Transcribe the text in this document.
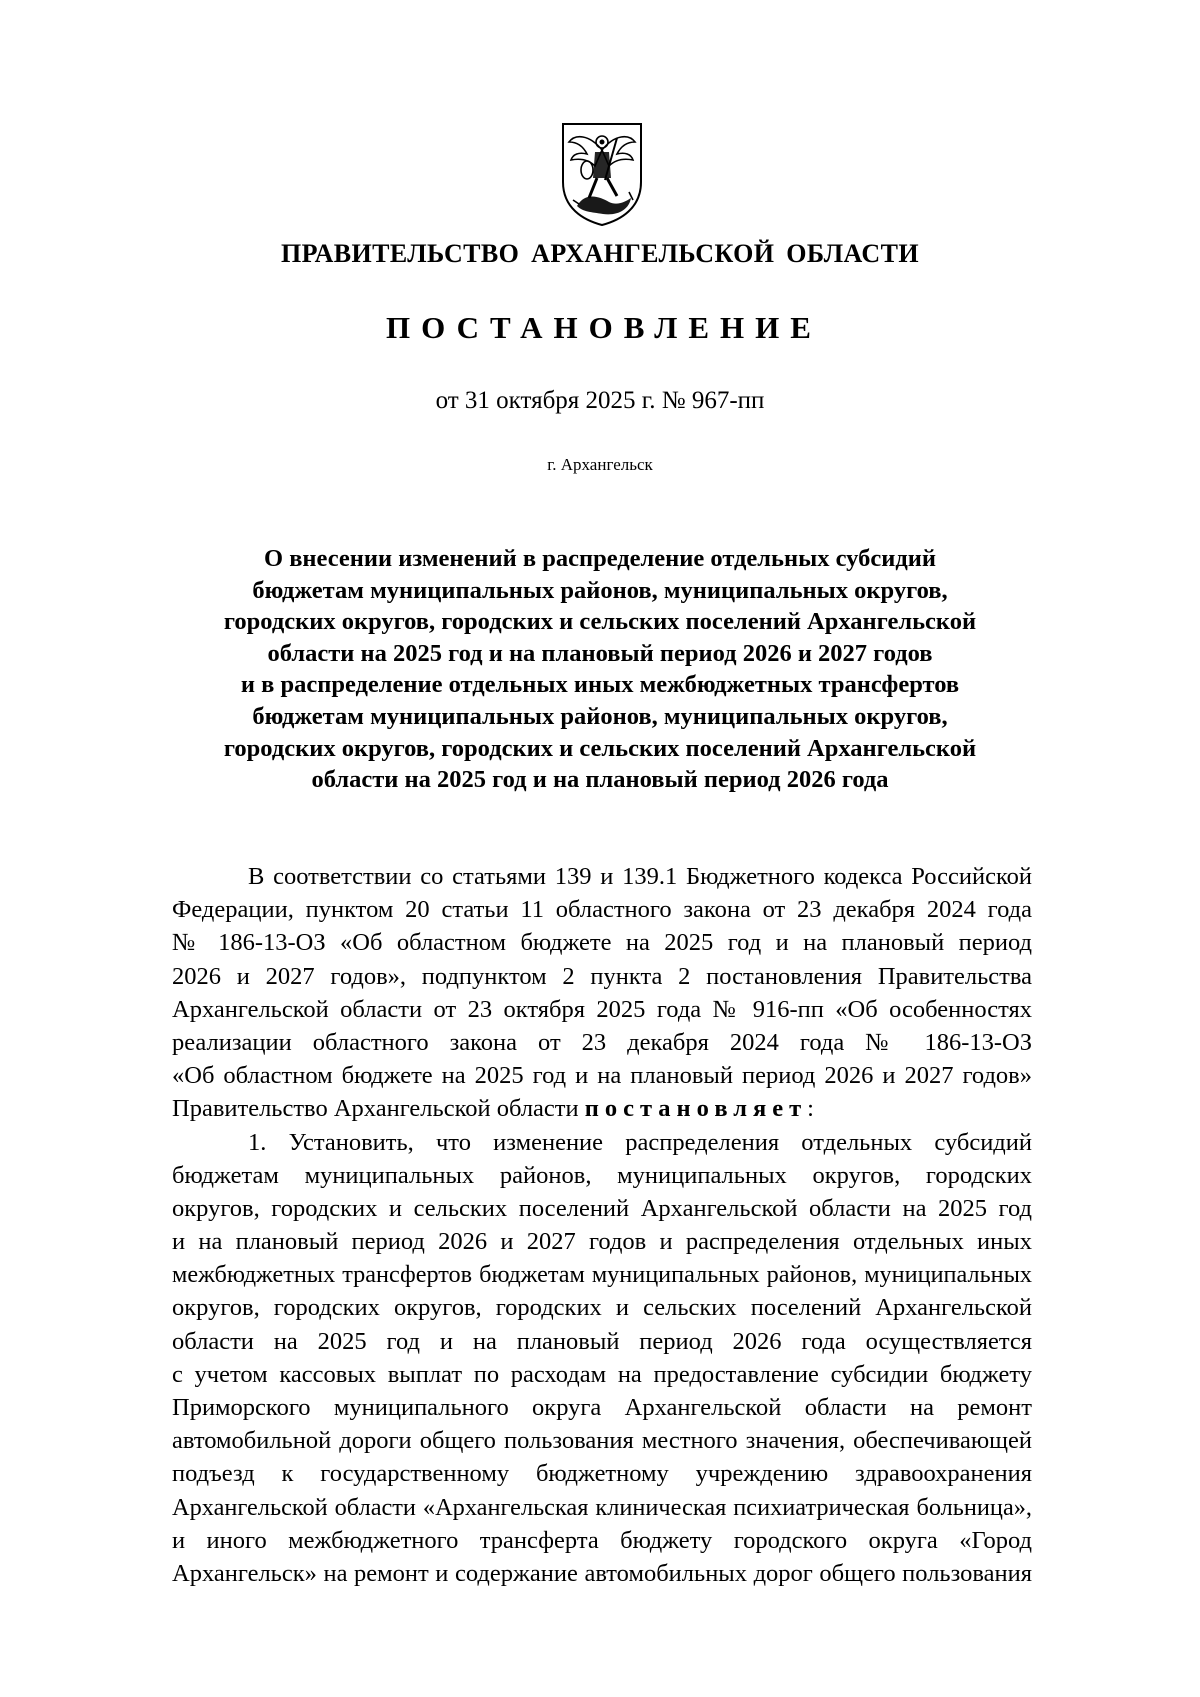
ПРАВИТЕЛЬСТВО АРХАНГЕЛЬСКОЙ ОБЛАСТИ
ПОСТАНОВЛЕНИЕ
от 31 октября 2025 г. № 967-пп
г. Архангельск
О внесении изменений в распределение отдельных субсидий
бюджетам муниципальных районов, муниципальных округов,
городских округов, городских и сельских поселений Архангельской
области на 2025 год и на плановый период 2026 и 2027 годов
и в распределение отдельных иных межбюджетных трансфертов
бюджетам муниципальных районов, муниципальных округов,
городских округов, городских и сельских поселений Архангельской
области на 2025 год и на плановый период 2026 года
В соответствии со статьями 139 и 139.1 Бюджетного кодекса Российской
Федерации, пунктом 20 статьи 11 областного закона от 23 декабря 2024 года
№ 186-13-ОЗ «Об областном бюджете на 2025 год и на плановый период
2026 и 2027 годов», подпунктом 2 пункта 2 постановления Правительства
Архангельской области от 23 октября 2025 года № 916-пп «Об особенностях
реализации областного закона от 23 декабря 2024 года № 186-13-ОЗ
«Об областном бюджете на 2025 год и на плановый период 2026 и 2027 годов»
Правительство Архангельской области постановляет:
1. Установить, что изменение распределения отдельных субсидий
бюджетам муниципальных районов, муниципальных округов, городских
округов, городских и сельских поселений Архангельской области на 2025 год
и на плановый период 2026 и 2027 годов и распределения отдельных иных
межбюджетных трансфертов бюджетам муниципальных районов, муниципальных
округов, городских округов, городских и сельских поселений Архангельской
области на 2025 год и на плановый период 2026 года осуществляется
с учетом кассовых выплат по расходам на предоставление субсидии бюджету
Приморского муниципального округа Архангельской области на ремонт
автомобильной дороги общего пользования местного значения, обеспечивающей
подъезд к государственному бюджетному учреждению здравоохранения
Архангельской области «Архангельская клиническая психиатрическая больница»,
и иного межбюджетного трансферта бюджету городского округа «Город
Архангельск» на ремонт и содержание автомобильных дорог общего пользования
